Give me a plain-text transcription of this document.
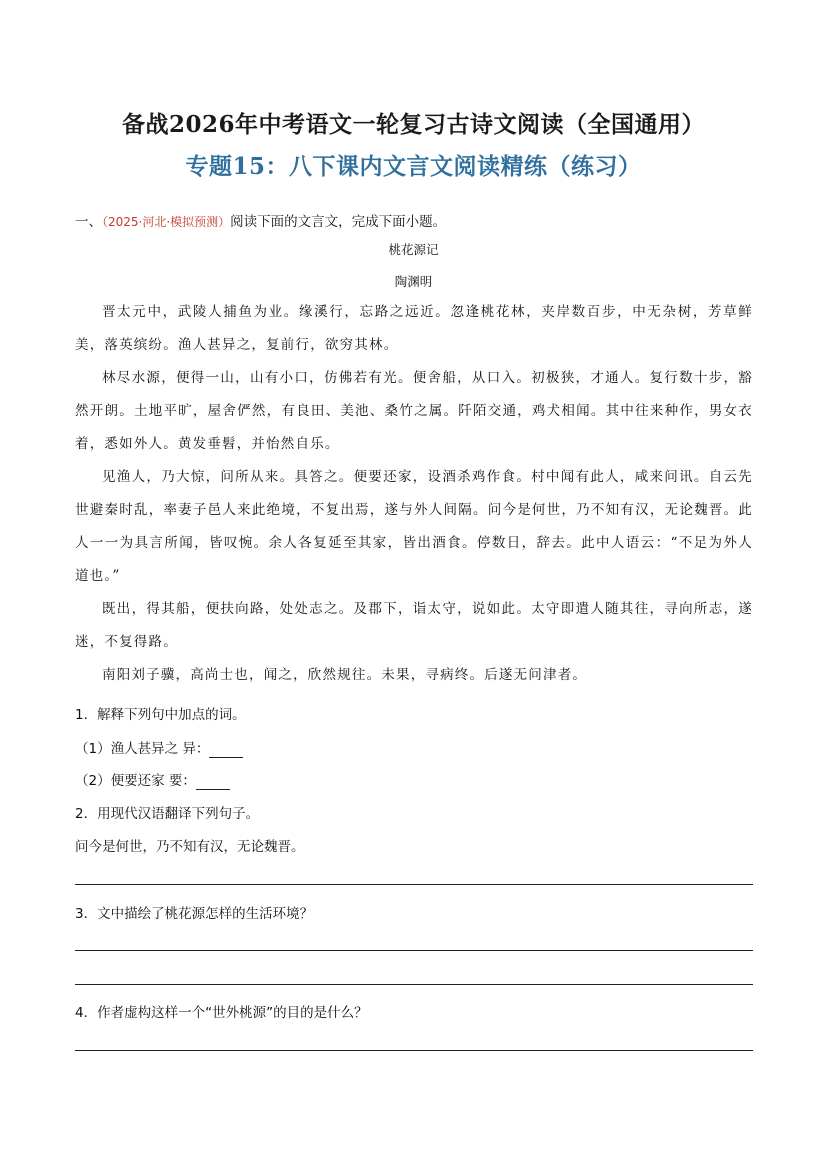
备战2026年中考语文一轮复习古诗文阅读（全国通用）
专题15：八下课内文言文阅读精练（练习）
一、（2025·河北·模拟预测）阅读下面的文言文，完成下面小题。
桃花源记
陶渊明

晋太元中，武陵人捕鱼为业。缘溪行，忘路之远近。忽逢桃花林，夹岸数百步，中无杂树，芳草鲜美，落英缤纷。渔人甚异之，复前行，欲穷其林。

林尽水源，便得一山，山有小口，仿佛若有光。便舍船，从口入。初极狭，才通人。复行数十步，豁然开朗。土地平旷，屋舍俨然，有良田、美池、桑竹之属。阡陌交通，鸡犬相闻。其中往来种作，男女衣着，悉如外人。黄发垂髫，并怡然自乐。

见渔人，乃大惊，问所从来。具答之。便要还家，设酒杀鸡作食。村中闻有此人，咸来问讯。自云先世避秦时乱，率妻子邑人来此绝境，不复出焉，遂与外人间隔。问今是何世，乃不知有汉，无论魏晋。此人一一为具言所闻，皆叹惋。余人各复延至其家，皆出酒食。停数日，辞去。此中人语云：“不足为外人道也。”

既出，得其船，便扶向路，处处志之。及郡下，诣太守，说如此。太守即遣人随其往，寻向所志，遂迷，不复得路。

南阳刘子骥，高尚士也，闻之，欣然规往。未果，寻病终。后遂无问津者。

1．解释下列句中加点的词。
（1）渔人甚异之 异：
（2）便要还家 要：
2．用现代汉语翻译下列句子。
问今是何世，乃不知有汉，无论魏晋。
3．文中描绘了桃花源怎样的生活环境？
4．作者虚构这样一个“世外桃源”的目的是什么？
